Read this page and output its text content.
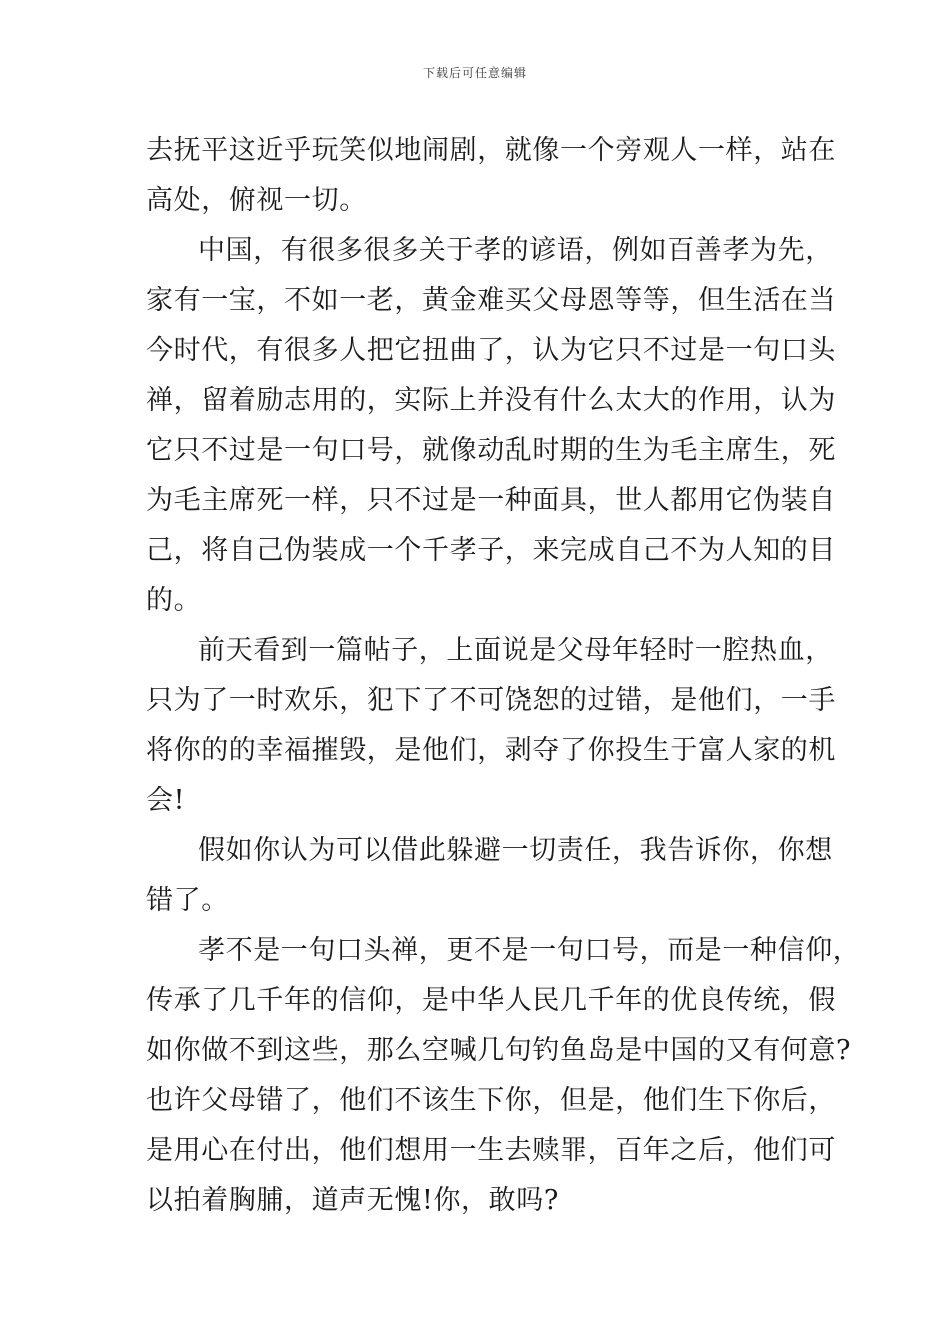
下载后可任意编辑
去抚平这近乎玩笑似地闹剧，就像一个旁观人一样，站在
高处，俯视一切。
中国，有很多很多关于孝的谚语，例如百善孝为先，
家有一宝，不如一老，黄金难买父母恩等等，但生活在当
今时代，有很多人把它扭曲了，认为它只不过是一句口头
禅，留着励志用的，实际上并没有什么太大的作用，认为
它只不过是一句口号，就像动乱时期的生为毛主席生，死
为毛主席死一样，只不过是一种面具，世人都用它伪装自
己，将自己伪装成一个千孝子，来完成自己不为人知的目
的。
前天看到一篇帖子，上面说是父母年轻时一腔热血，
只为了一时欢乐，犯下了不可饶恕的过错，是他们，一手
将你的的幸福摧毁，是他们，剥夺了你投生于富人家的机
会!
假如你认为可以借此躲避一切责任，我告诉你，你想
错了。
孝不是一句口头禅，更不是一句口号，而是一种信仰，
传承了几千年的信仰，是中华人民几千年的优良传统，假
如你做不到这些，那么空喊几句钓鱼岛是中国的又有何意?
也许父母错了，他们不该生下你，但是，他们生下你后，
是用心在付出，他们想用一生去赎罪，百年之后，他们可
以拍着胸脯，道声无愧!你，敢吗?
